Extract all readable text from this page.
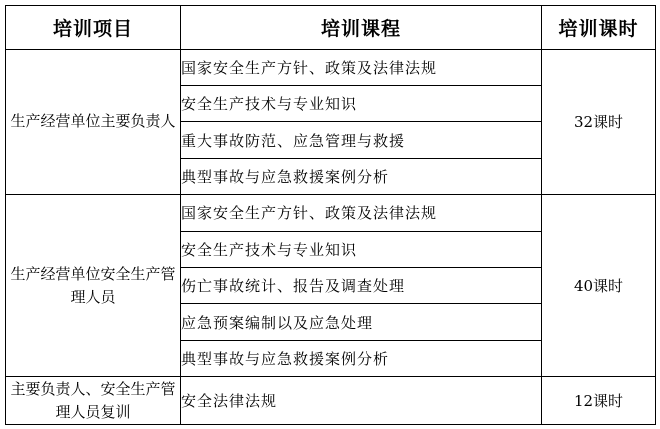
培训项目	培训课程	培训课时
生产经营单位主要负责人	国家安全生产方针、政策及法律法规	32课时
	安全生产技术与专业知识	
	重大事故防范、应急管理与救援	
	典型事故与应急救援案例分析	
生产经营单位安全生产管理人员	国家安全生产方针、政策及法律法规	40课时
	安全生产技术与专业知识	
	伤亡事故统计、报告及调查处理	
	应急预案编制以及应急处理	
	典型事故与应急救援案例分析	
主要负责人、安全生产管理人员复训	安全法律法规	12课时
